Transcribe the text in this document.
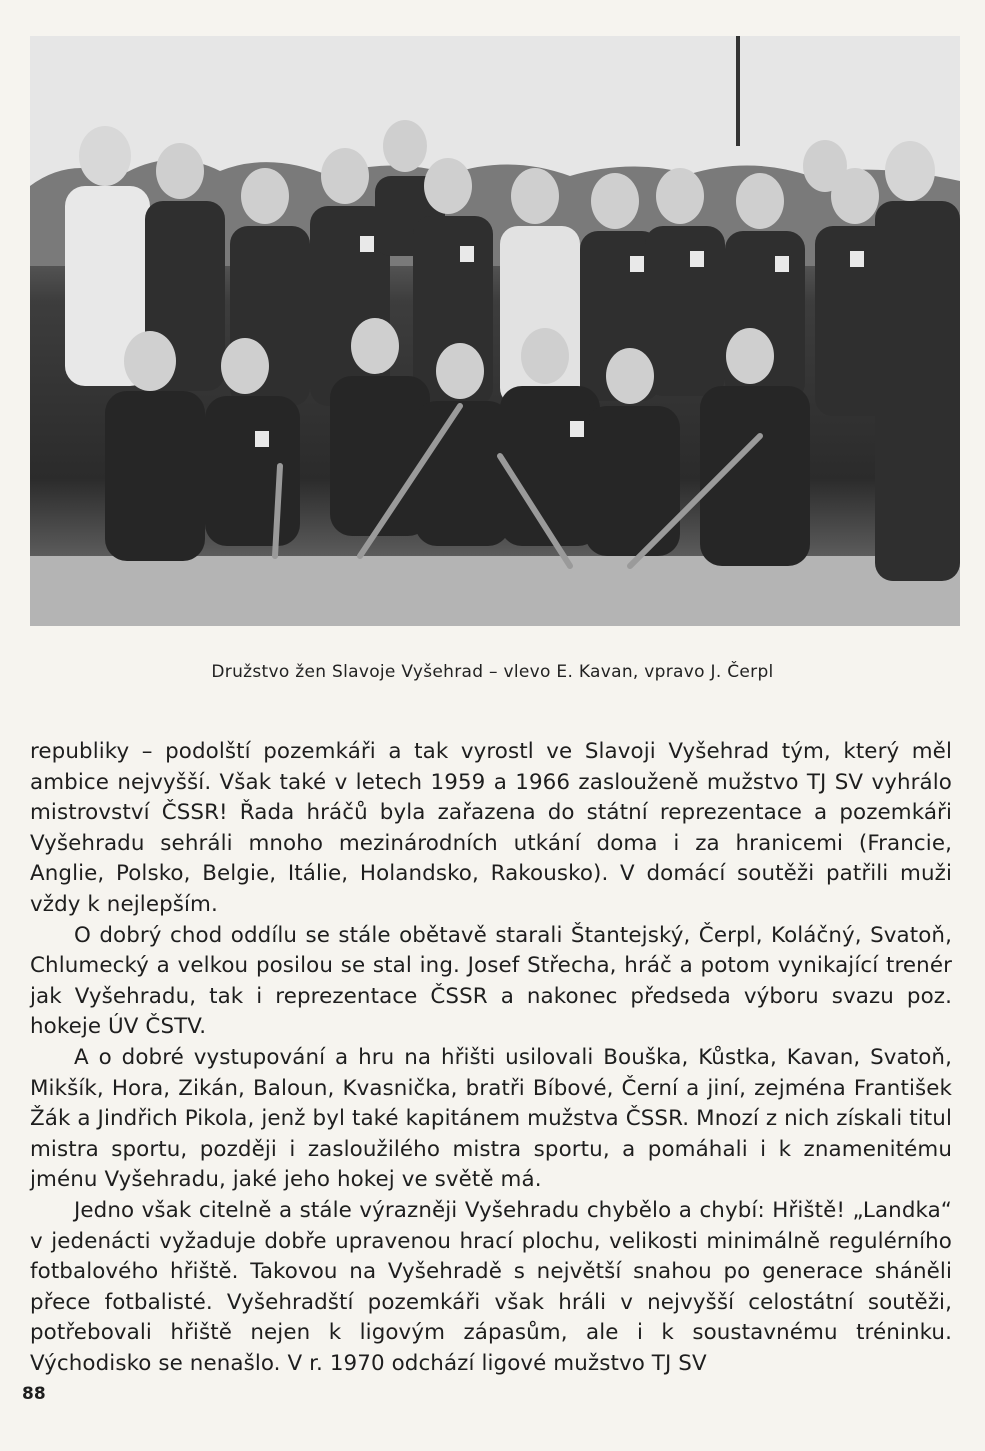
Družstvo žen Slavoje Vyšehrad – vlevo E. Kavan, vpravo J. Čerpl

republiky – podolští pozemkáři a tak vyrostl ve Slavoji Vyšehrad tým, který měl ambice nejvyšší. Však také v letech 1959 a 1966 zaslouženě mužstvo TJ SV vyhrálo mistrovství ČSSR! Řada hráčů byla zařazena do státní reprezentace a pozemkáři Vyšehradu sehráli mnoho mezinárodních utkání doma i za hranicemi (Francie, Anglie, Polsko, Belgie, Itálie, Holandsko, Rakousko). V domácí soutěži patřili muži vždy k nejlepším.

O dobrý chod oddílu se stále obětavě starali Štantejský, Čerpl, Koláčný, Svatoň, Chlumecký a velkou posilou se stal ing. Josef Střecha, hráč a potom vynikající trenér jak Vyšehradu, tak i reprezentace ČSSR a nakonec předseda výboru svazu poz. hokeje ÚV ČSTV.

A o dobré vystupování a hru na hřišti usilovali Bouška, Kůstka, Kavan, Svatoň, Mikšík, Hora, Zikán, Baloun, Kvasnička, bratři Bíbové, Černí a jiní, zejména František Žák a Jindřich Pikola, jenž byl také kapitánem mužstva ČSSR. Mnozí z nich získali titul mistra sportu, později i zasloužilého mistra sportu, a pomáhali i k znamenitému jménu Vyšehradu, jaké jeho hokej ve světě má.

Jedno však citelně a stále výrazněji Vyšehradu chybělo a chybí: Hřiště! „Landka“ v jedenácti vyžaduje dobře upravenou hrací plochu, velikosti minimálně regulérního fotbalového hřiště. Takovou na Vyšehradě s největší snahou po generace sháněli přece fotbalisté. Vyšehradští pozemkáři však hráli v nejvyšší celostátní soutěži, potřebovali hřiště nejen k ligovým zápasům, ale i k soustavnému tréninku. Východisko se nenašlo. V r. 1970 odchází ligové mužstvo TJ SV

88
